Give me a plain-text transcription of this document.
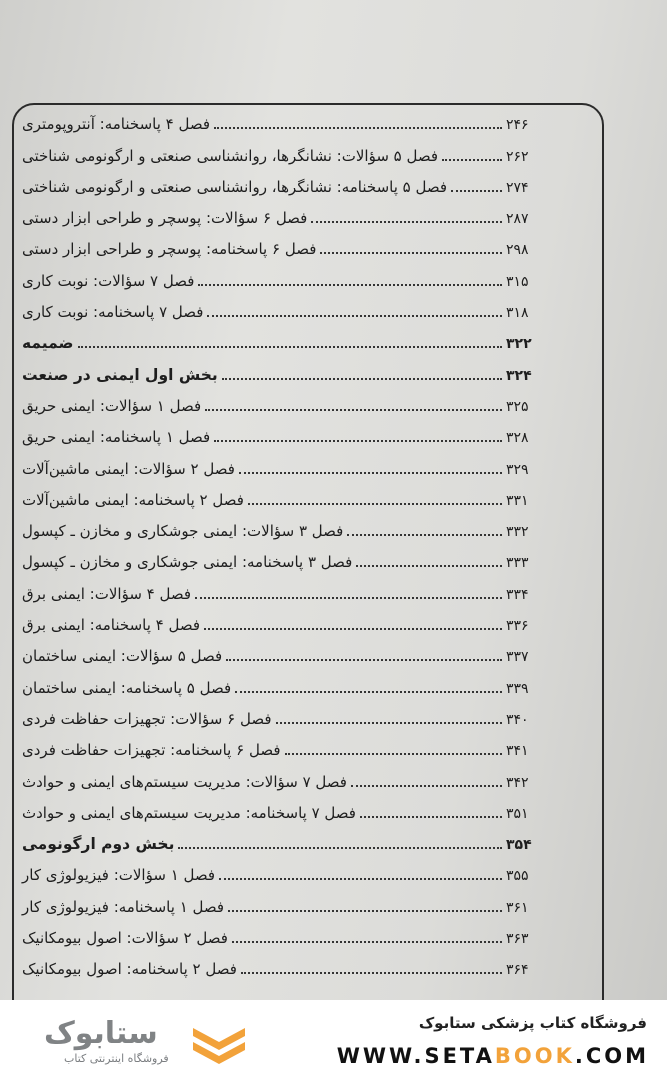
فصل ۴ پاسخنامه: آنتروپومتری	۲۴۶
فصل ۵ سؤالات: نشانگرها، روانشناسی صنعتی و ارگونومی شناختی	۲۶۲
فصل ۵ پاسخنامه: نشانگرها، روانشناسی صنعتی و ارگونومی شناختی	۲۷۴
فصل ۶ سؤالات: پوسچر و طراحی ابزار دستی	۲۸۷
فصل ۶ پاسخنامه: پوسچر و طراحی ابزار دستی	۲۹۸
فصل ۷ سؤالات: نوبت کاری	۳۱۵
فصل ۷ پاسخنامه: نوبت کاری	۳۱۸
ضمیمه	۳۲۲
بخش اول ایمنی در صنعت	۳۲۴
فصل ۱ سؤالات: ایمنی حریق	۳۲۵
فصل ۱ پاسخنامه: ایمنی حریق	۳۲۸
فصل ۲ سؤالات: ایمنی ماشین‌آلات	۳۲۹
فصل ۲ پاسخنامه: ایمنی ماشین‌آلات	۳۳۱
فصل ۳ سؤالات: ایمنی جوشکاری و مخازن ـ کپسول	۳۳۲
فصل ۳ پاسخنامه: ایمنی جوشکاری و مخازن ـ کپسول	۳۳۳
فصل ۴ سؤالات: ایمنی برق	۳۳۴
فصل ۴ پاسخنامه: ایمنی برق	۳۳۶
فصل ۵ سؤالات: ایمنی ساختمان	۳۳۷
فصل ۵ پاسخنامه: ایمنی ساختمان	۳۳۹
فصل ۶ سؤالات: تجهیزات حفاظت فردی	۳۴۰
فصل ۶ پاسخنامه: تجهیزات حفاظت فردی	۳۴۱
فصل ۷ سؤالات: مدیریت سیستم‌های ایمنی و حوادث	۳۴۲
فصل ۷ پاسخنامه: مدیریت سیستم‌های ایمنی و حوادث	۳۵۱
بخش دوم ارگونومی	۳۵۴
فصل ۱ سؤالات: فیزیولوژی کار	۳۵۵
فصل ۱ پاسخنامه: فیزیولوژی کار	۳۶۱
فصل ۲ سؤالات: اصول بیومکانیک	۳۶۳
فصل ۲ پاسخنامه: اصول بیومکانیک	۳۶۴
ستابوک
فروشگاه اینترنتی کتاب
فروشگاه کتاب پزشکی ستابوک
WWW.SETABOOK.COM
